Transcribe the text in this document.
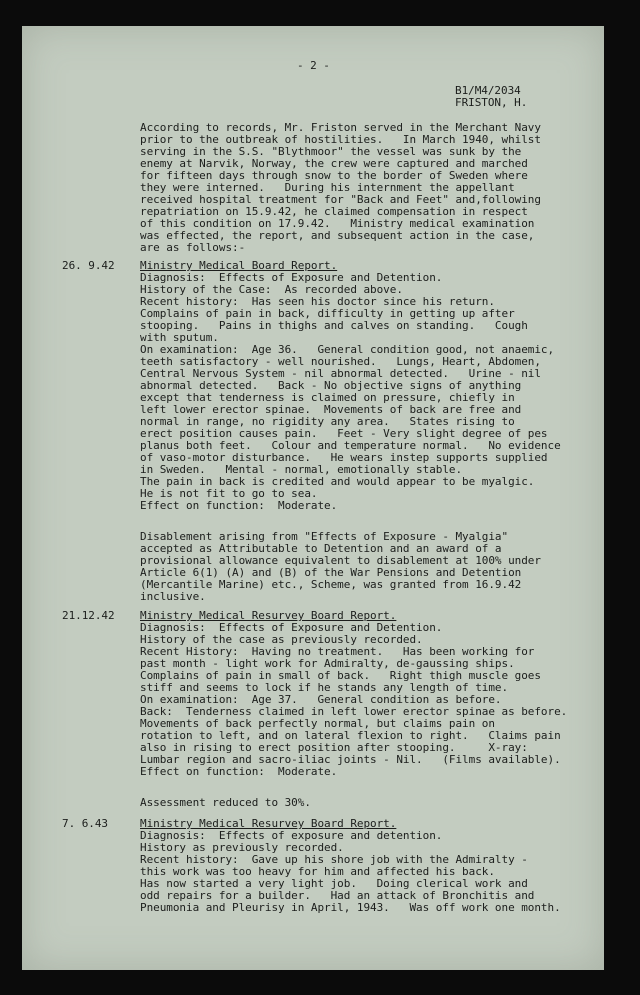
- 2 -
B1/M4/2034
FRISTON, H.
According to records, Mr. Friston served in the Merchant Navy
prior to the outbreak of hostilities.   In March 1940, whilst
serving in the S.S. "Blythmoor" the vessel was sunk by the
enemy at Narvik, Norway, the crew were captured and marched
for fifteen days through snow to the border of Sweden where
they were interned.   During his internment the appellant
received hospital treatment for "Back and Feet" and,following
repatriation on 15.9.42, he claimed compensation in respect
of this condition on 17.9.42.   Ministry medical examination
was effected, the report, and subsequent action in the case,
are as follows:-
26. 9.42 Ministry Medical Board Report.
Diagnosis:  Effects of Exposure and Detention.
History of the Case:  As recorded above.
Recent history:  Has seen his doctor since his return.
Complains of pain in back, difficulty in getting up after
stooping.   Pains in thighs and calves on standing.   Cough
with sputum.
On examination:  Age 36.   General condition good, not anaemic,
teeth satisfactory - well nourished.   Lungs, Heart, Abdomen,
Central Nervous System - nil abnormal detected.   Urine - nil
abnormal detected.   Back - No objective signs of anything
except that tenderness is claimed on pressure, chiefly in
left lower erector spinae.  Movements of back are free and
normal in range, no rigidity any area.   States rising to
erect position causes pain.   Feet - Very slight degree of pes
planus both feet.   Colour and temperature normal.   No evidence
of vaso-motor disturbance.   He wears instep supports supplied
in Sweden.   Mental - normal, emotionally stable.
The pain in back is credited and would appear to be myalgic.
He is not fit to go to sea.
Effect on function:  Moderate.
Disablement arising from "Effects of Exposure - Myalgia"
accepted as Attributable to Detention and an award of a
provisional allowance equivalent to disablement at 100% under
Article 6(1) (A) and (B) of the War Pensions and Detention
(Mercantile Marine) etc., Scheme, was granted from 16.9.42
inclusive.
21.12.42 Ministry Medical Resurvey Board Report.
Diagnosis:  Effects of Exposure and Detention.
History of the case as previously recorded.
Recent History:  Having no treatment.   Has been working for
past month - light work for Admiralty, de-gaussing ships.
Complains of pain in small of back.   Right thigh muscle goes
stiff and seems to lock if he stands any length of time.
On examination:  Age 37.   General condition as before.
Back:  Tenderness claimed in left lower erector spinae as before.
Movements of back perfectly normal, but claims pain on
rotation to left, and on lateral flexion to right.   Claims pain
also in rising to erect position after stooping.     X-ray:
Lumbar region and sacro-iliac joints - Nil.   (Films available).
Effect on function:  Moderate.
Assessment reduced to 30%.
7. 6.43	Ministry Medical Resurvey Board Report.
Diagnosis:  Effects of exposure and detention.
History as previously recorded.
Recent history:  Gave up his shore job with the Admiralty -
this work was too heavy for him and affected his back.
Has now started a very light job.   Doing clerical work and
odd repairs for a builder.   Had an attack of Bronchitis and
Pneumonia and Pleurisy in April, 1943.   Was off work one month.
